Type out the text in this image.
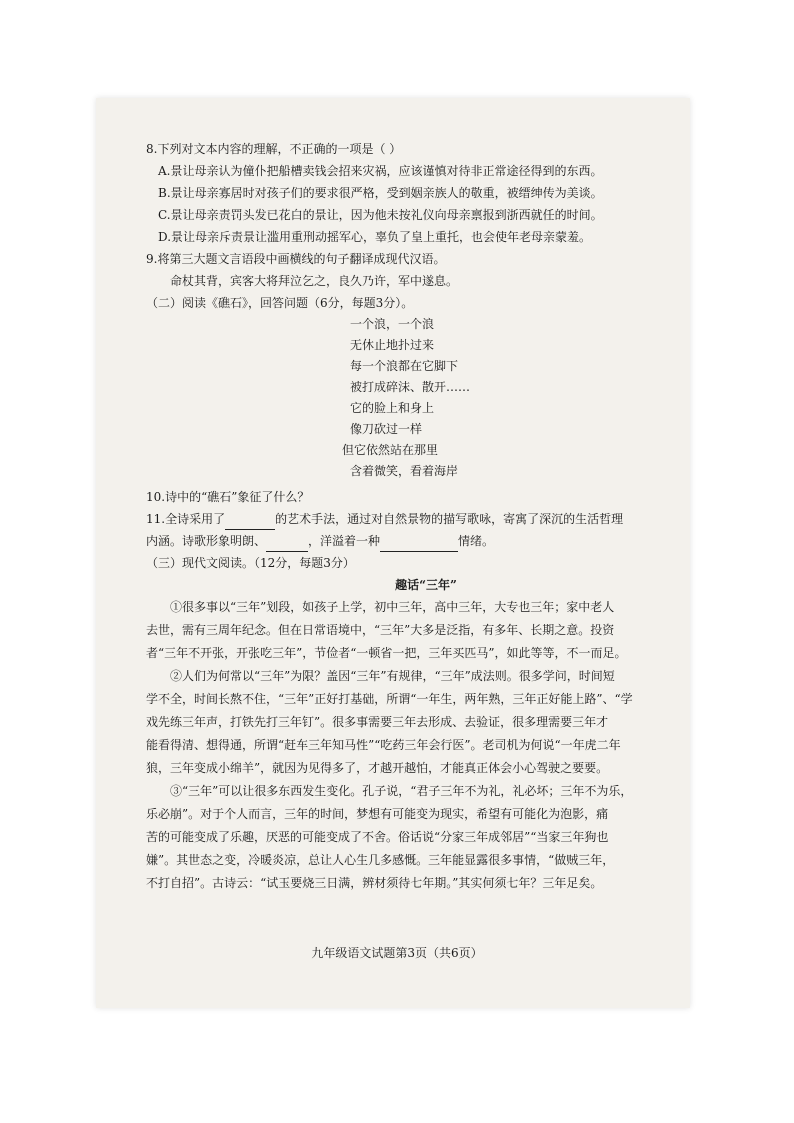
8.下列对文本内容的理解，不正确的一项是（ ）
A.景让母亲认为僮仆把船槽卖钱会招来灾祸，应该谨慎对待非正常途径得到的东西。
B.景让母亲寡居时对孩子们的要求很严格，受到姻亲族人的敬重，被缙绅传为美谈。
C.景让母亲责罚头发已花白的景让，因为他未按礼仪向母亲禀报到浙西就任的时间。
D.景让母亲斥责景让滥用重刑动摇军心，辜负了皇上重托，也会使年老母亲蒙羞。
9.将第三大题文言语段中画横线的句子翻译成现代汉语。
命杖其背，宾客大将拜泣乞之，良久乃许，军中遂息。
（二）阅读《礁石》，回答问题（6分，每题3分）。
一个浪，一个浪
无休止地扑过来
每一个浪都在它脚下
被打成碎沫、散开……
它的脸上和身上
像刀砍过一样
但它依然站在那里
含着微笑，看着海岸
10.诗中的“礁石”象征了什么？
11.全诗采用了	的艺术手法，通过对自然景物的描写歌咏，寄寓了深沉的生活哲理
内涵。诗歌形象明朗、	，洋溢着一种	情绪。
（三）现代文阅读。（12分，每题3分）
趣话“三年”
①很多事以“三年”划段，如孩子上学，初中三年，高中三年，大专也三年；家中老人
去世，需有三周年纪念。但在日常语境中，“三年”大多是泛指，有多年、长期之意。投资
者“三年不开张，开张吃三年”，节俭者“一顿省一把，三年买匹马”，如此等等，不一而足。
②人们为何常以“三年”为限？盖因“三年”有规律，“三年”成法则。很多学问，时间短
学不全，时间长熬不住，“三年”正好打基础，所谓“一年生，两年熟，三年正好能上路”、“学
戏先练三年声，打铁先打三年钉”。很多事需要三年去形成、去验证，很多理需要三年才
能看得清、想得通，所谓“赶车三年知马性”“吃药三年会行医”。老司机为何说“一年虎二年
狼，三年变成小绵羊”，就因为见得多了，才越开越怕，才能真正体会小心驾驶之要要。
③“三年”可以让很多东西发生变化。孔子说，“君子三年不为礼，礼必坏；三年不为乐，
乐必崩”。对于个人而言，三年的时间，梦想有可能变为现实，希望有可能化为泡影，痛
苦的可能变成了乐趣，厌恶的可能变成了不舍。俗话说“分家三年成邻居”“当家三年狗也
嫌”。其世态之变，冷暖炎凉，总让人心生几多感慨。三年能显露很多事情，“做贼三年，
不打自招”。古诗云：“试玉要烧三日满，辨材须待七年期。”其实何须七年？三年足矣。
九年级语文试题第3页（共6页）
